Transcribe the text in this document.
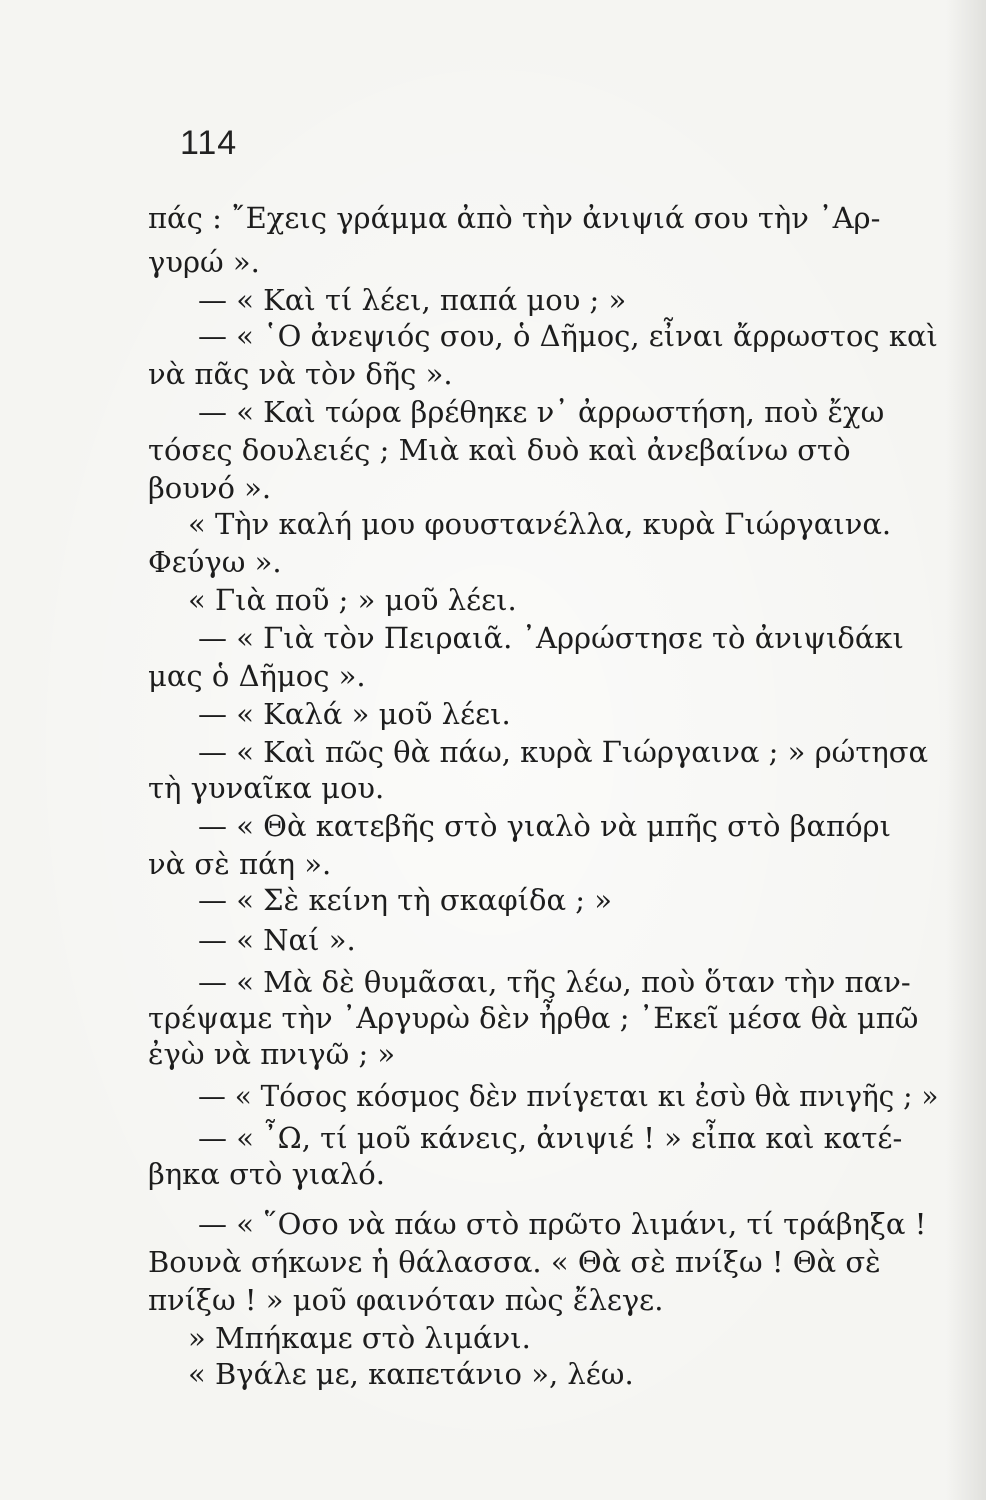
114
πάς : ῎Εχεις γράμμα ἀπὸ τὴν ἀνιψιά σου τὴν ᾿Αρ-
γυρώ ».
— « Καὶ τί λέει, παπά μου ; »
— « ῾Ο ἀνεψιός σου, ὁ Δῆμος, εἶναι ἄρρωστος καὶ
νὰ πᾶς νὰ τὸν δῆς ».
— « Καὶ τώρα βρέθηκε ν᾿ ἀρρωστήση, ποὺ ἔχω
τόσες δουλειές ; Μιὰ καὶ δυὸ καὶ ἀνεβαίνω στὸ
βουνό ».
« Τὴν καλή μου φουστανέλλα, κυρὰ Γιώργαινα.
Φεύγω ».
« Γιὰ ποῦ ; » μοῦ λέει.
— « Γιὰ τὸν Πειραιᾶ. ᾿Αρρώστησε τὸ ἀνιψιδάκι
μας ὁ Δῆμος ».
— « Καλά » μοῦ λέει.
— « Καὶ πῶς θὰ πάω, κυρὰ Γιώργαινα ; » ρώτησα
τὴ γυναῖκα μου.
— « Θὰ κατεβῆς στὸ γιαλὸ νὰ μπῆς στὸ βαπόρι
νὰ σὲ πάη ».
— « Σὲ κείνη τὴ σκαφίδα ; »
— « Ναί ».
— « Μὰ δὲ θυμᾶσαι, τῆς λέω, ποὺ ὅταν τὴν παν-
τρέψαμε τὴν ᾿Αργυρὼ δὲν ἦρθα ; ᾿Εκεῖ μέσα θὰ μπῶ
ἐγὼ νὰ πνιγῶ ; »
— « Τόσος κόσμος δὲν πνίγεται κι ἐσὺ θὰ πνιγῆς ; »
— « ῏Ω, τί μοῦ κάνεις, ἀνιψιέ ! » εἶπα καὶ κατέ-
βηκα στὸ γιαλό.
— « ῞Οσο νὰ πάω στὸ πρῶτο λιμάνι, τί τράβηξα !
Βουνὰ σήκωνε ἡ θάλασσα. « Θὰ σὲ πνίξω ! Θὰ σὲ
πνίξω ! » μοῦ φαινόταν πὼς ἔλεγε.
» Μπήκαμε στὸ λιμάνι.
« Βγάλε με, καπετάνιο », λέω.
